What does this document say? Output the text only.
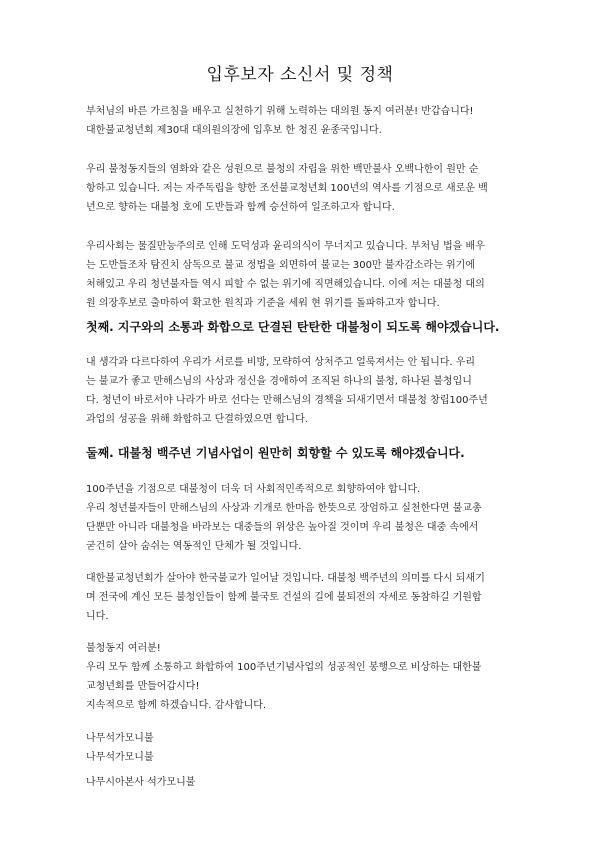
입후보자 소신서 및 정책
부처님의 바른 가르침을 배우고 실천하기 위해 노력하는 대의원 동지 여러분! 반갑습니다!
대한불교청년회 제30대 대의원의장에 입후보 한 청진 윤종국입니다.
우리 불청동지들의 염화와 같은 성원으로 불청의 자립을 위한 백만불사 오백나한이 원만 순
항하고 있습니다. 저는 자주독립을 향한 조선불교청년회 100년의 역사를 기점으로 새로운 백
년으로 향하는 대불청 호에 도반들과 함께 승선하여 일조하고자 합니다.
우리사회는 물질만능주의로 인해 도덕성과 윤리의식이 무너지고 있습니다. 부처님 법을 배우
는 도반들조차 탐진치 삼독으로 불교 정법을 외면하여 불교는 300만 불자감소라는 위기에
처해있고 우리 청년불자들 역시 피할 수 없는 위기에 직면해있습니다. 이에 저는 대불청 대의
원 의장후보로 출마하여 확고한 원칙과 기준을 세워 현 위기를 돌파하고자 합니다.
첫째. 지구와의 소통과 화합으로 단결된 탄탄한 대불청이 되도록 해야겠습니다.
내 생각과 다르다하여 우리가 서로를 비방, 모략하여 상처주고 얼룩져서는 안 됩니다. 우리
는 불교가 좋고 만해스님의 사상과 정신을 경애하여 조직된 하나의 불청, 하나된 불청입니
다. 청년이 바로서야 나라가 바로 선다는 만해스님의 경책을 되새기면서 대불청 창립100주년
과업의 성공을 위해 화합하고 단결하였으면 합니다.
둘째. 대불청 백주년 기념사업이 원만히 회향할 수 있도록 해야겠습니다.
100주년을 기점으로 대불청이 더욱 더 사회적민족적으로 회향하여야 합니다.
우리 청년불자들이 만해스님의 사상과 기개로 한마음 한뜻으로 장엄하고 실천한다면 불교총
단뿐만 아니라 대불청을 바라보는 대중들의 위상은 높아질 것이며 우리 불청은 대중 속에서
굳건히 살아 숨쉬는 역동적인 단체가 될 것입니다.
대한불교청년회가 살아야 한국불교가 일어날 것입니다. 대불청 백주년의 의미를 다시 되새기
며 전국에 계신 모든 불청인들이 함께 불국토 건설의 길에 불퇴전의 자세로 동참하길 기원합
니다.
불청동지 여러분!
우리 모두 함께 소통하고 화합하여 100주년기념사업의 성공적인 봉행으로 비상하는 대한불
교청년회를 만들어갑시다!
지속적으로 함께 하겠습니다. 감사합니다.
나무석가모니불
나무석가모니불
나무시아본사 석가모니불
